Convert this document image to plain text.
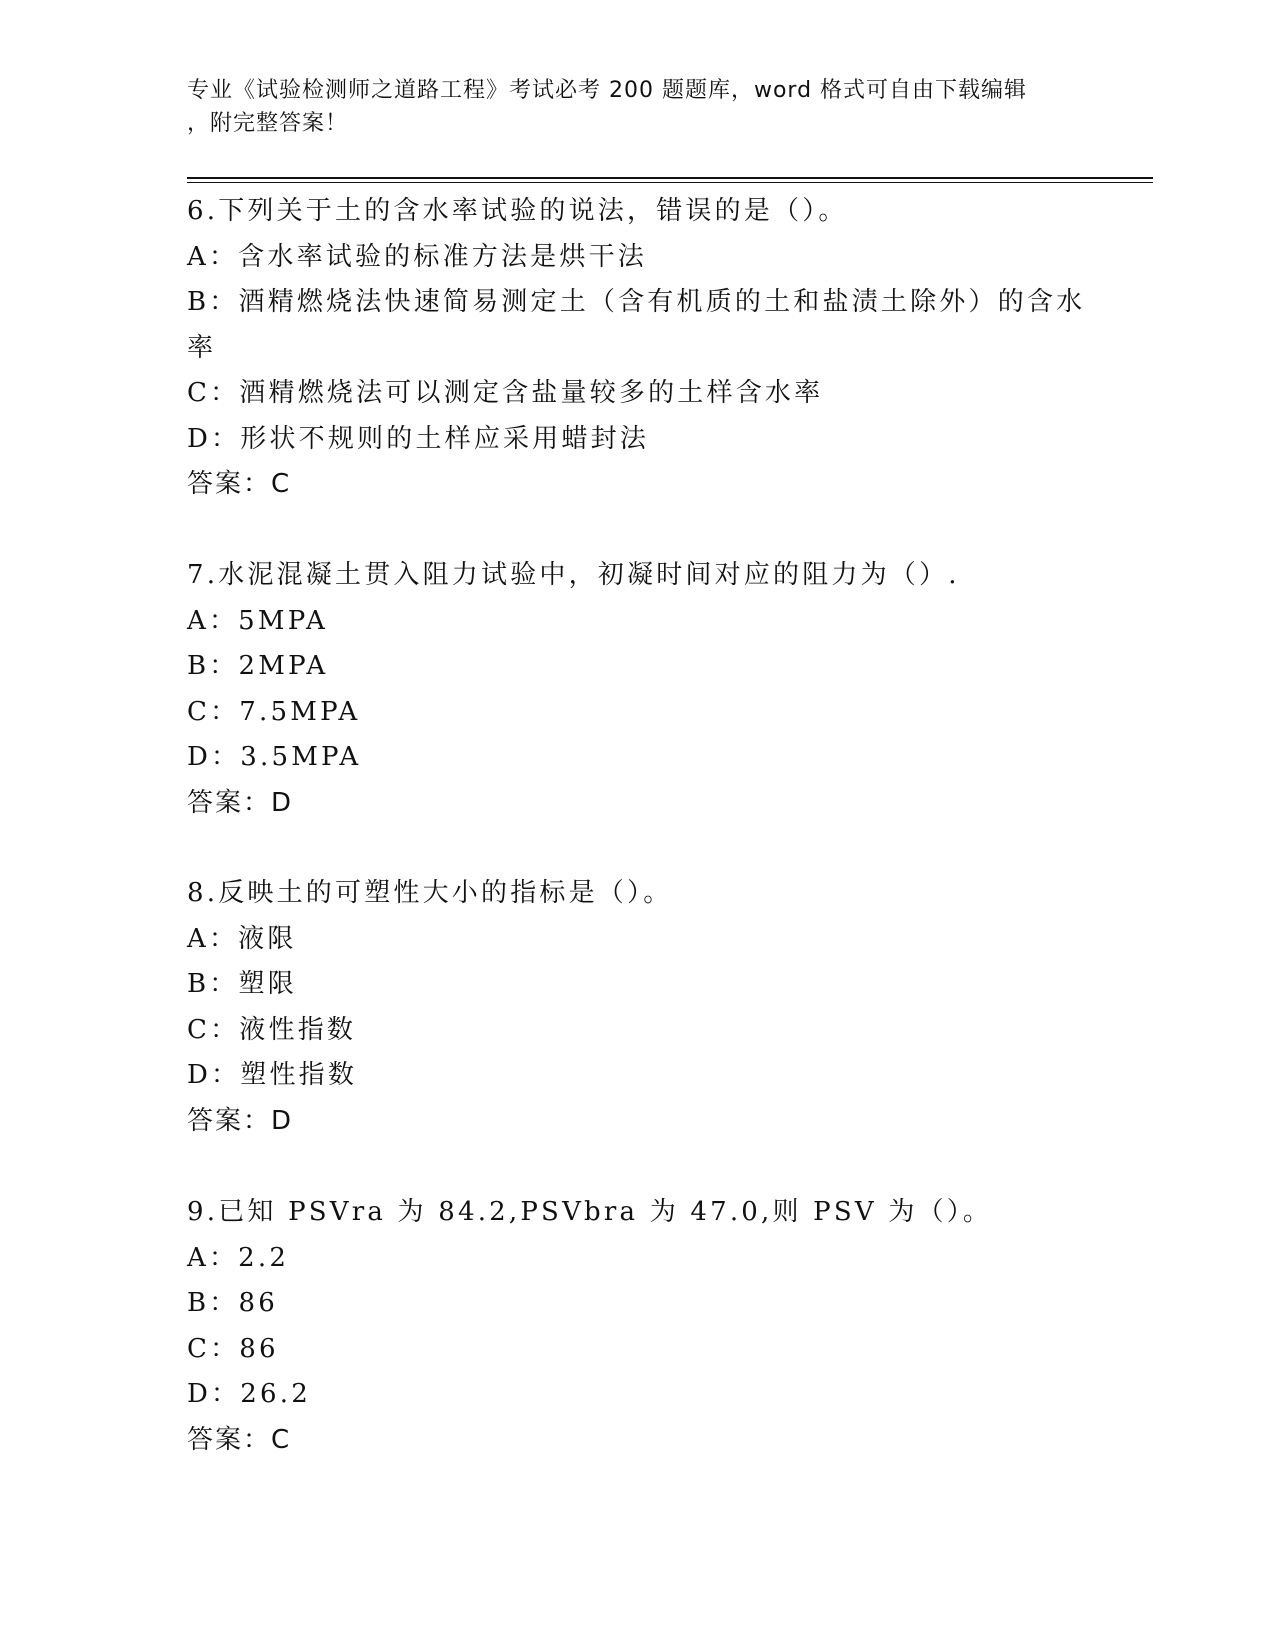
专业《试验检测师之道路工程》考试必考 200 题题库，word 格式可自由下载编辑
，附完整答案！
6.下列关于土的含水率试验的说法，错误的是（）。
A：含水率试验的标准方法是烘干法
B：酒精燃烧法快速简易测定土（含有机质的土和盐渍土除外）的含水率
C：酒精燃烧法可以测定含盐量较多的土样含水率
D：形状不规则的土样应采用蜡封法
答案：C
7.水泥混凝土贯入阻力试验中，初凝时间对应的阻力为（）.
A：5MPA
B：2MPA
C：7.5MPA
D：3.5MPA
答案：D
8.反映土的可塑性大小的指标是（）。
A：液限
B：塑限
C：液性指数
D：塑性指数
答案：D
9.已知 PSVra 为 84.2,PSVbra 为 47.0,则 PSV 为（）。
A：2.2
B：86
C：86
D：26.2
答案：C
